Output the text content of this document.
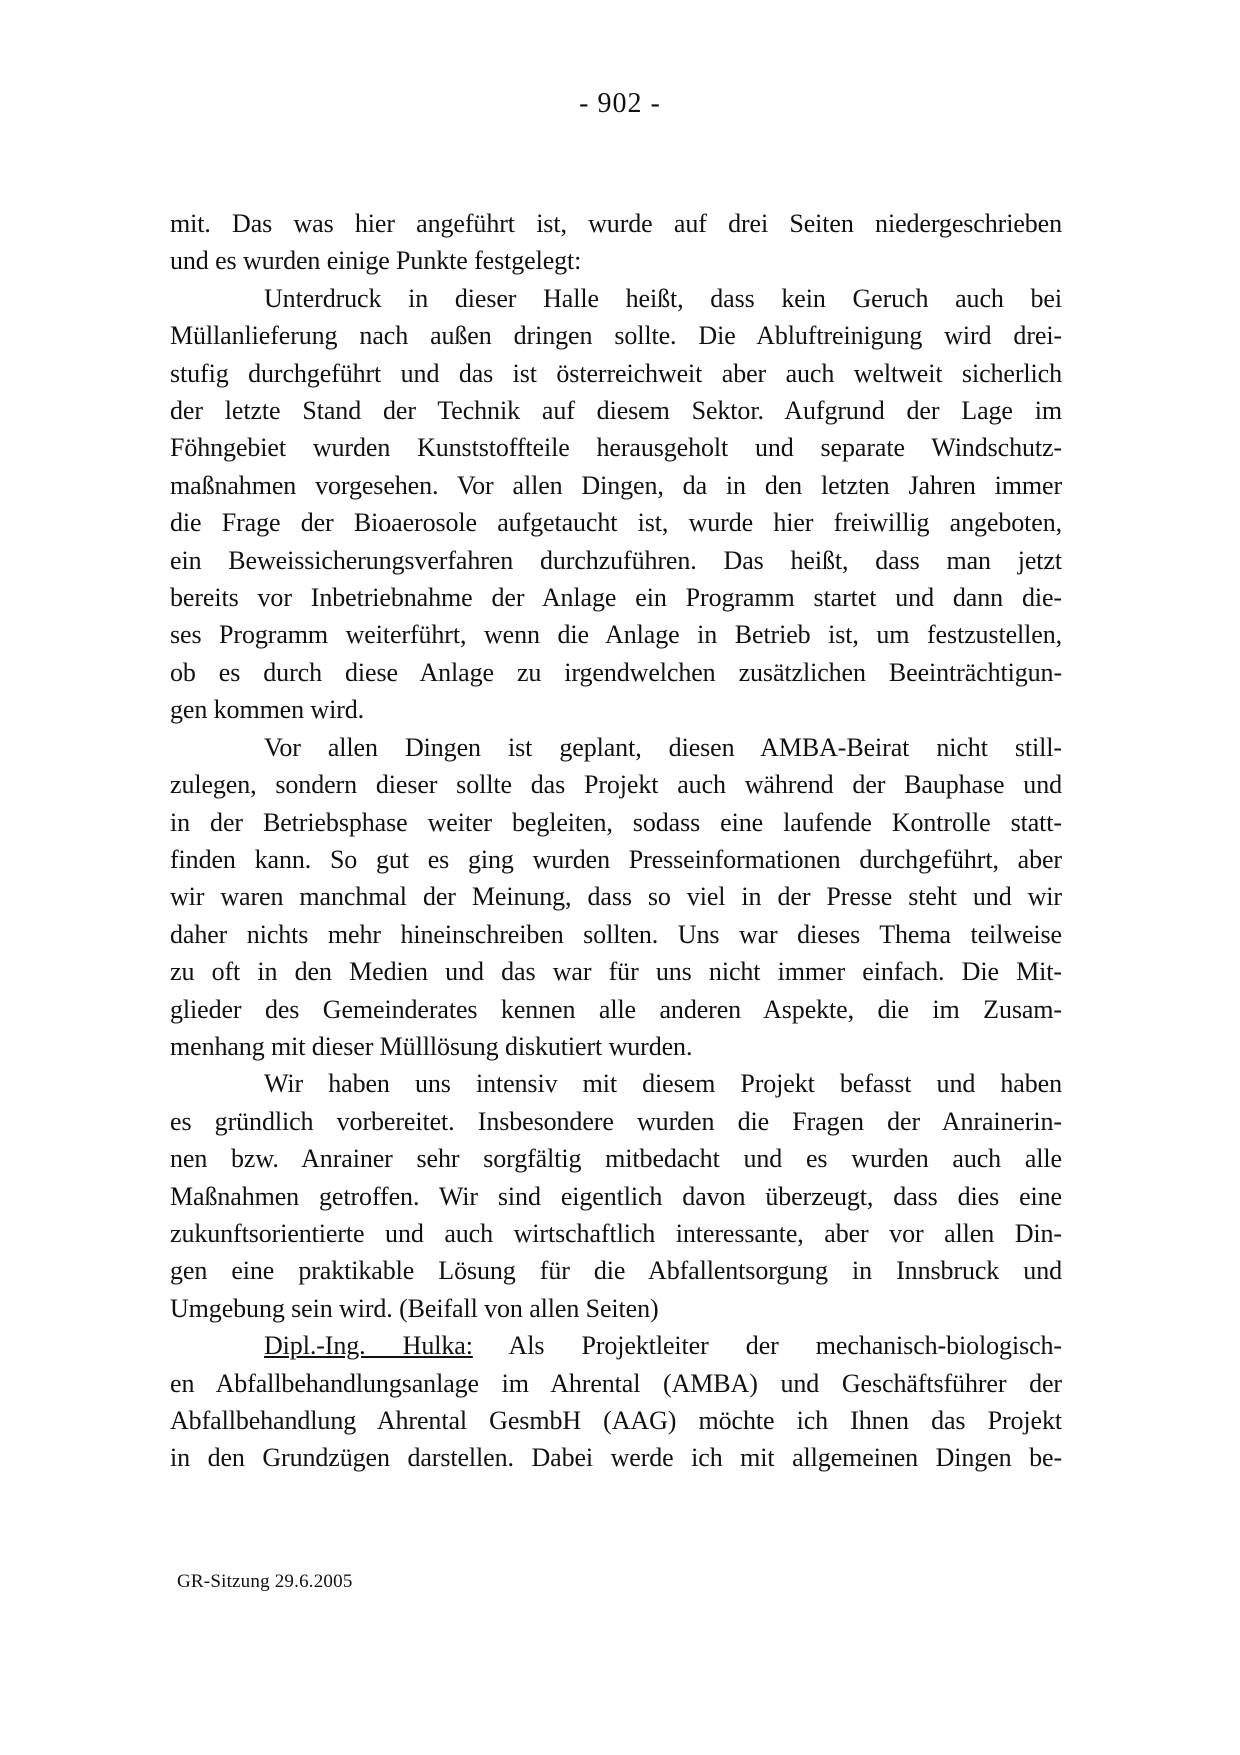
- 902 -
mit. Das was hier angeführt ist, wurde auf drei Seiten niedergeschrieben
und es wurden einige Punkte festgelegt:
Unterdruck in dieser Halle heißt, dass kein Geruch auch bei
Müllanlieferung nach außen dringen sollte. Die Abluftreinigung wird drei-
stufig durchgeführt und das ist österreichweit aber auch weltweit sicherlich
der letzte Stand der Technik auf diesem Sektor. Aufgrund der Lage im
Föhngebiet wurden Kunststoffteile herausgeholt und separate Windschutz-
maßnahmen vorgesehen. Vor allen Dingen, da in den letzten Jahren immer
die Frage der Bioaerosole aufgetaucht ist, wurde hier freiwillig angeboten,
ein Beweissicherungsverfahren durchzuführen. Das heißt, dass man jetzt
bereits vor Inbetriebnahme der Anlage ein Programm startet und dann die-
ses Programm weiterführt, wenn die Anlage in Betrieb ist, um festzustellen,
ob es durch diese Anlage zu irgendwelchen zusätzlichen Beeinträchtigun-
gen kommen wird.
Vor allen Dingen ist geplant, diesen AMBA-Beirat nicht still-
zulegen, sondern dieser sollte das Projekt auch während der Bauphase und
in der Betriebsphase weiter begleiten, sodass eine laufende Kontrolle statt-
finden kann. So gut es ging wurden Presseinformationen durchgeführt, aber
wir waren manchmal der Meinung, dass so viel in der Presse steht und wir
daher nichts mehr hineinschreiben sollten. Uns war dieses Thema teilweise
zu oft in den Medien und das war für uns nicht immer einfach. Die Mit-
glieder des Gemeinderates kennen alle anderen Aspekte, die im Zusam-
menhang mit dieser Mülllösung diskutiert wurden.
Wir haben uns intensiv mit diesem Projekt befasst und haben
es gründlich vorbereitet. Insbesondere wurden die Fragen der Anrainerin-
nen bzw. Anrainer sehr sorgfältig mitbedacht und es wurden auch alle
Maßnahmen getroffen. Wir sind eigentlich davon überzeugt, dass dies eine
zukunftsorientierte und auch wirtschaftlich interessante, aber vor allen Din-
gen eine praktikable Lösung für die Abfallentsorgung in Innsbruck und
Umgebung sein wird. (Beifall von allen Seiten)
Dipl.-Ing. Hulka: Als Projektleiter der mechanisch-biologisch-
en Abfallbehandlungsanlage im Ahrental (AMBA) und Geschäftsführer der
Abfallbehandlung Ahrental GesmbH (AAG) möchte ich Ihnen das Projekt
in den Grundzügen darstellen. Dabei werde ich mit allgemeinen Dingen be-
GR-Sitzung 29.6.2005
